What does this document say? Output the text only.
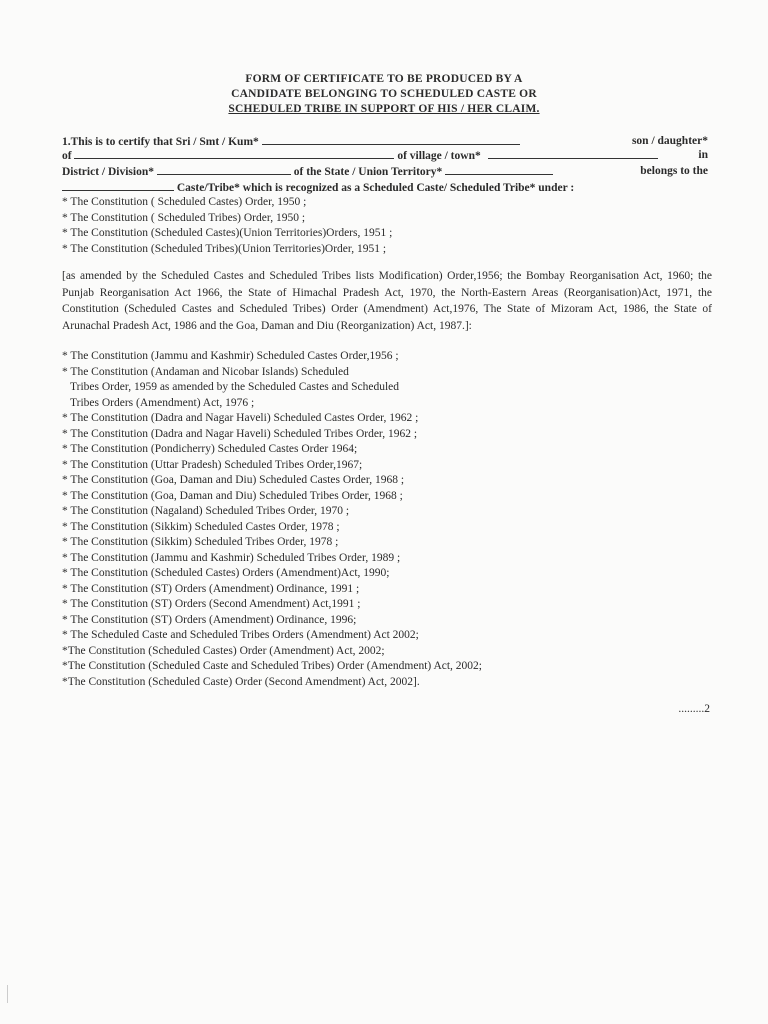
FORM OF CERTIFICATE TO BE PRODUCED BY A
CANDIDATE BELONGING TO SCHEDULED CASTE OR
SCHEDULED TRIBE IN SUPPORT OF HIS / HER CLAIM.
1.This is to certify that Sri / Smt / Kum*	son / daughter*
of	of village / town*	in
District / Division*	of the State / Union Territory*	belongs to the
Caste/Tribe* which is recognized as a Scheduled Caste/ Scheduled Tribe* under :
* The Constitution ( Scheduled Castes) Order, 1950 ;
* The Constitution ( Scheduled Tribes) Order, 1950 ;
* The Constitution (Scheduled Castes)(Union Territories)Orders, 1951 ;
* The Constitution (Scheduled Tribes)(Union Territories)Order, 1951 ;
[as amended by the Scheduled Castes and Scheduled Tribes lists Modification) Order,1956; the Bombay Reorganisation Act, 1960; the Punjab Reorganisation Act 1966, the State of Himachal Pradesh Act, 1970, the North-Eastern Areas (Reorganisation)Act, 1971, the Constitution (Scheduled Castes and Scheduled Tribes) Order (Amendment) Act,1976, The State of Mizoram Act, 1986, the State of Arunachal Pradesh Act, 1986 and the Goa, Daman and Diu (Reorganization) Act, 1987.]:
* The Constitution (Jammu and Kashmir) Scheduled Castes Order,1956 ;
* The Constitution (Andaman and Nicobar Islands) Scheduled
Tribes Order, 1959 as amended by the Scheduled Castes and Scheduled
Tribes Orders (Amendment) Act, 1976 ;
* The Constitution (Dadra and Nagar Haveli) Scheduled Castes Order, 1962 ;
* The Constitution (Dadra and Nagar Haveli) Scheduled Tribes Order, 1962 ;
* The Constitution (Pondicherry) Scheduled Castes Order 1964;
* The Constitution (Uttar Pradesh) Scheduled Tribes Order,1967;
* The Constitution (Goa, Daman and Diu) Scheduled Castes Order, 1968 ;
* The Constitution (Goa, Daman and Diu) Scheduled Tribes Order, 1968 ;
* The Constitution (Nagaland) Scheduled Tribes Order, 1970 ;
* The Constitution (Sikkim) Scheduled Castes Order, 1978 ;
* The Constitution (Sikkim) Scheduled Tribes Order, 1978 ;
* The Constitution (Jammu and Kashmir) Scheduled Tribes Order, 1989 ;
* The Constitution (Scheduled Castes) Orders (Amendment)Act, 1990;
* The Constitution (ST) Orders (Amendment) Ordinance, 1991 ;
* The Constitution (ST) Orders (Second Amendment) Act,1991 ;
* The Constitution (ST) Orders (Amendment) Ordinance, 1996;
* The Scheduled Caste and Scheduled Tribes Orders (Amendment) Act 2002;
*The Constitution (Scheduled Castes) Order (Amendment) Act, 2002;
*The Constitution (Scheduled Caste and Scheduled Tribes) Order (Amendment) Act, 2002;
*The Constitution (Scheduled Caste) Order (Second Amendment) Act, 2002].
.........2
